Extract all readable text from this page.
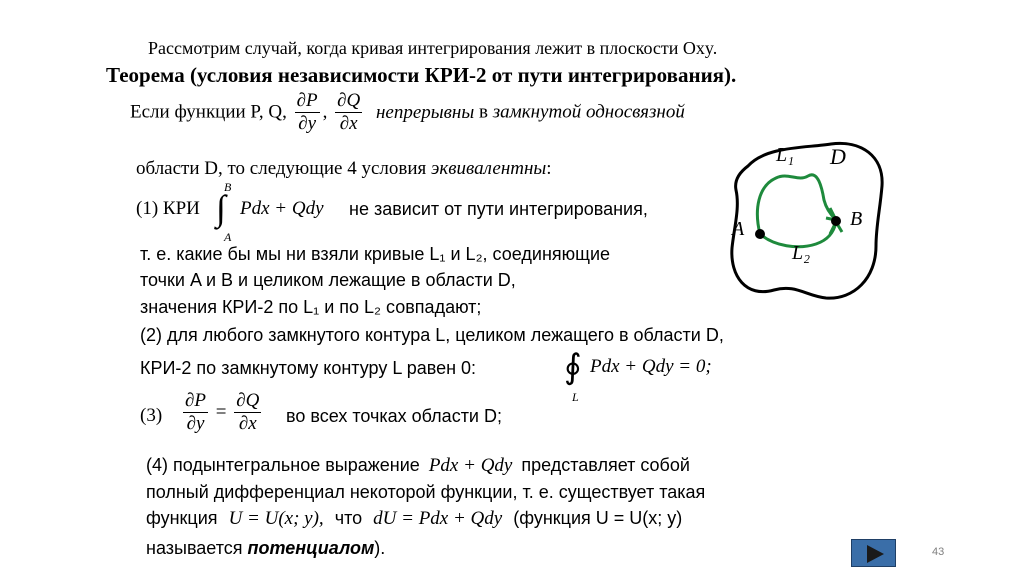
Рассмотрим случай, когда кривая интегрирования лежит в плоскости Oxy.
Теорема (условия независимости КРИ-2 от пути интегрирования).
Если функции P, Q, $\frac{\partial P}{\partial y}$ , $\frac{\partial Q}{\partial x}$ непрерывны в замкнутой односвязной
области D, то следующие 4 условия эквивалентны:
(1) КРИ
B
∫
A
Pdx + Qdy не зависит от пути интегрирования,
т. е. какие бы мы ни взяли кривые L₁ и L₂, соединяющие
точки A и B и целиком лежащие в области D,
значения КРИ-2 по L₁ и по L₂ совпадают;
(2) для любого замкнутого контура L, целиком лежащего в области D,
КРИ-2 по замкнутому контуру L равен 0:	∮
L
Pdx + Qdy = 0;
$(3) \frac{\partial P}{\partial y} = \frac{\partial Q}{\partial x}$ во всех точках области D;
(4) подынтегральное выражение Pdx + Qdy представляет собой
полный дифференциал некоторой функции, т. е. существует такая
функция U = U(x; y), что dU = Pdx + Qdy (функция U = U(x; y)
называется потенциалом).
L₁ D
A	B
L₂
43
